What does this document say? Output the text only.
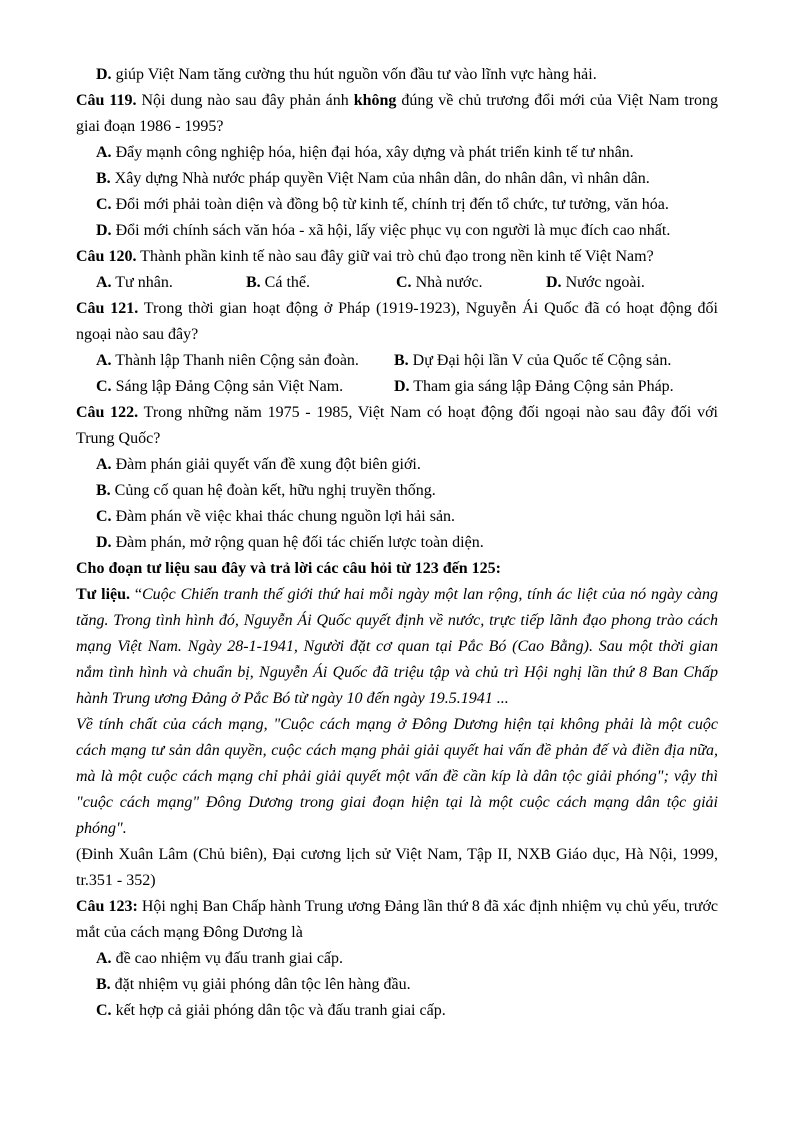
D. giúp Việt Nam tăng cường thu hút nguồn vốn đầu tư vào lĩnh vực hàng hải.

Câu 119. Nội dung nào sau đây phản ánh không đúng về chủ trương đổi mới của Việt Nam trong giai đoạn 1986 - 1995?

A. Đẩy mạnh công nghiệp hóa, hiện đại hóa, xây dựng và phát triển kinh tế tư nhân.

B. Xây dựng Nhà nước pháp quyền Việt Nam của nhân dân, do nhân dân, vì nhân dân.

C. Đổi mới phải toàn diện và đồng bộ từ kinh tế, chính trị đến tổ chức, tư tưởng, văn hóa.

D. Đổi mới chính sách văn hóa - xã hội, lấy việc phục vụ con người là mục đích cao nhất.

Câu 120. Thành phần kinh tế nào sau đây giữ vai trò chủ đạo trong nền kinh tế Việt Nam?

A. Tư nhân.	B. Cá thể.	C. Nhà nước.	D. Nước ngoài.

Câu 121. Trong thời gian hoạt động ở Pháp (1919-1923), Nguyễn Ái Quốc đã có hoạt động đối ngoại nào sau đây?

A. Thành lập Thanh niên Cộng sản đoàn. B. Dự Đại hội lần V của Quốc tế Cộng sản.

C. Sáng lập Đảng Cộng sản Việt Nam.	D. Tham gia sáng lập Đảng Cộng sản Pháp.

Câu 122. Trong những năm 1975 - 1985, Việt Nam có hoạt động đối ngoại nào sau đây đối với Trung Quốc?

A. Đàm phán giải quyết vấn đề xung đột biên giới.

B. Củng cố quan hệ đoàn kết, hữu nghị truyền thống.

C. Đàm phán về việc khai thác chung nguồn lợi hải sản.

D. Đàm phán, mở rộng quan hệ đối tác chiến lược toàn diện.

Cho đoạn tư liệu sau đây và trả lời các câu hỏi từ 123 đến 125:

Tư liệu. “Cuộc Chiến tranh thế giới thứ hai mỗi ngày một lan rộng, tính ác liệt của nó ngày càng tăng. Trong tình hình đó, Nguyễn Ái Quốc quyết định về nước, trực tiếp lãnh đạo phong trào cách mạng Việt Nam. Ngày 28-1-1941, Người đặt cơ quan tại Pắc Bó (Cao Bằng). Sau một thời gian nắm tình hình và chuẩn bị, Nguyễn Ái Quốc đã triệu tập và chủ trì Hội nghị lần thứ 8 Ban Chấp hành Trung ương Đảng ở Pắc Bó từ ngày 10 đến ngày 19.5.1941 ...

Về tính chất của cách mạng, "Cuộc cách mạng ở Đông Dương hiện tại không phải là một cuộc cách mạng tư sản dân quyền, cuộc cách mạng phải giải quyết hai vấn đề phản đế và điền địa nữa, mà là một cuộc cách mạng chỉ phải giải quyết một vấn đề cần kíp là dân tộc giải phóng"; vậy thì "cuộc cách mạng" Đông Dương trong giai đoạn hiện tại là một cuộc cách mạng dân tộc giải phóng".

(Đinh Xuân Lâm (Chủ biên), Đại cương lịch sử Việt Nam, Tập II, NXB Giáo dục, Hà Nội, 1999, tr.351 - 352)

Câu 123: Hội nghị Ban Chấp hành Trung ương Đảng lần thứ 8 đã xác định nhiệm vụ chủ yếu, trước mắt của cách mạng Đông Dương là

A. đề cao nhiệm vụ đấu tranh giai cấp.

B. đặt nhiệm vụ giải phóng dân tộc lên hàng đầu.

C. kết hợp cả giải phóng dân tộc và đấu tranh giai cấp.
